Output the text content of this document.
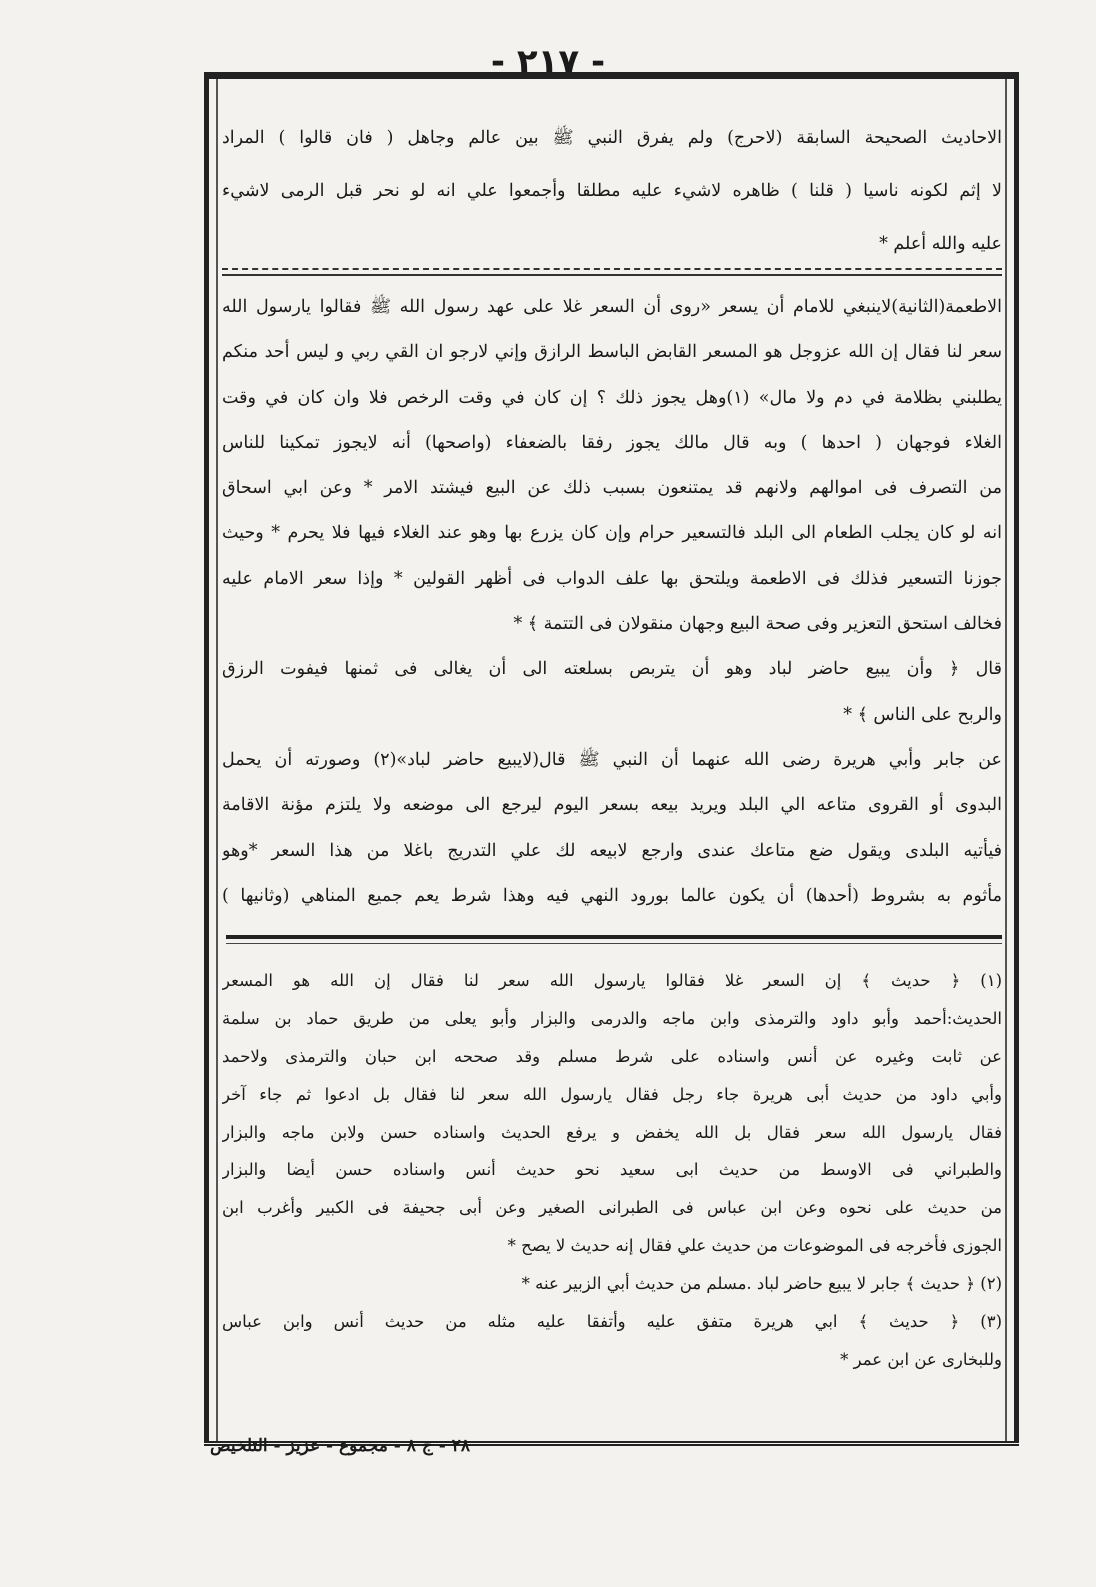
- ٢١٧ -
الاحاديث الصحيحة السابقة (لاحرج) ولم يفرق النبي ﷺ بين عالم وجاهل ( فان قالوا ) المراد
لا إثم لكونه ناسيا ( قلنا ) ظاهره لاشيء عليه مطلقا وأجمعوا علي انه لو نحر قبل الرمى لاشيء
عليه والله أعلم *
الاطعمة(الثانية)لاينبغي للامام أن يسعر «روى أن السعر غلا على عهد رسول الله ﷺ فقالوا يارسول الله
سعر لنا فقال إن الله عزوجل هو المسعر القابض الباسط الرازق وإني لارجو ان القي ربي و ليس أحد منكم
يطلبني بظلامة في دم ولا مال» (١)وهل يجوز ذلك ؟ إن كان في وقت الرخص فلا وان كان في وقت
الغلاء فوجهان ( احدها ) وبه قال مالك يجوز رفقا بالضعفاء (واصحها) أنه لايجوز تمكينا للناس
من التصرف فى اموالهم ولانهم قد يمتنعون بسبب ذلك عن البيع فيشتد الامر * وعن ابي اسحاق
انه لو كان يجلب الطعام الى البلد فالتسعير حرام وإن كان يزرع بها وهو عند الغلاء فيها فلا يحرم * وحيث
جوزنا التسعير فذلك فى الاطعمة ويلتحق بها علف الدواب فى أظهر القولين * وإذا سعر الامام عليه
فخالف استحق التعزير وفى صحة البيع وجهان منقولان فى التتمة ﴾ *
قال ﴿ وأن يبيع حاضر لباد وهو أن يتربص بسلعته الى أن يغالى فى ثمنها فيفوت الرزق
والربح على الناس ﴾ *
عن جابر وأبي هريرة رضى الله عنهما أن النبي ﷺ قال(لايبيع حاضر لباد»(٢) وصورته أن يحمل
البدوى أو القروى متاعه الي البلد ويريد بيعه بسعر اليوم ليرجع الى موضعه ولا يلتزم مؤنة الاقامة
فيأتيه البلدى ويقول ضع متاعك عندى وارجع لابيعه لك علي التدريج باغلا من هذا السعر *وهو
مأثوم به بشروط (أحدها) أن يكون عالما بورود النهي فيه وهذا شرط يعم جميع المناهي (وثانيها )
(١) ﴿ حديث ﴾ إن السعر غلا فقالوا يارسول الله سعر لنا فقال إن الله هو المسعر
الحديث:أحمد وأبو داود والترمذى وابن ماجه والدرمى والبزار وأبو يعلى من طريق حماد بن سلمة
عن ثابت وغيره عن أنس واسناده على شرط مسلم وقد صححه ابن حبان والترمذى ولاحمد
وأبي داود من حديث أبى هريرة جاء رجل فقال يارسول الله سعر لنا فقال بل ادعوا ثم جاء آخر
فقال يارسول الله سعر فقال بل الله يخفض و يرفع الحديث واسناده حسن ولابن ماجه والبزار
والطبراني فى الاوسط من حديث ابى سعيد نحو حديث أنس واسناده حسن أيضا والبزار
من حديث على نحوه وعن ابن عباس فى الطبرانى الصغير وعن أبى جحيفة فى الكبير وأغرب ابن
الجوزى فأخرجه فى الموضوعات من حديث علي فقال إنه حديث لا يصح *
(٢) ﴿ حديث ﴾ جابر لا يبيع حاضر لباد .مسلم من حديث أبي الزبير عنه *
(٣) ﴿ حديث ﴾ ابي هريرة متفق عليه وأتفقا عليه مثله من حديث أنس وابن عباس
وللبخارى عن ابن عمر *
٢٨ - ج ٨ - مجموع - عزيز - التلخيص
